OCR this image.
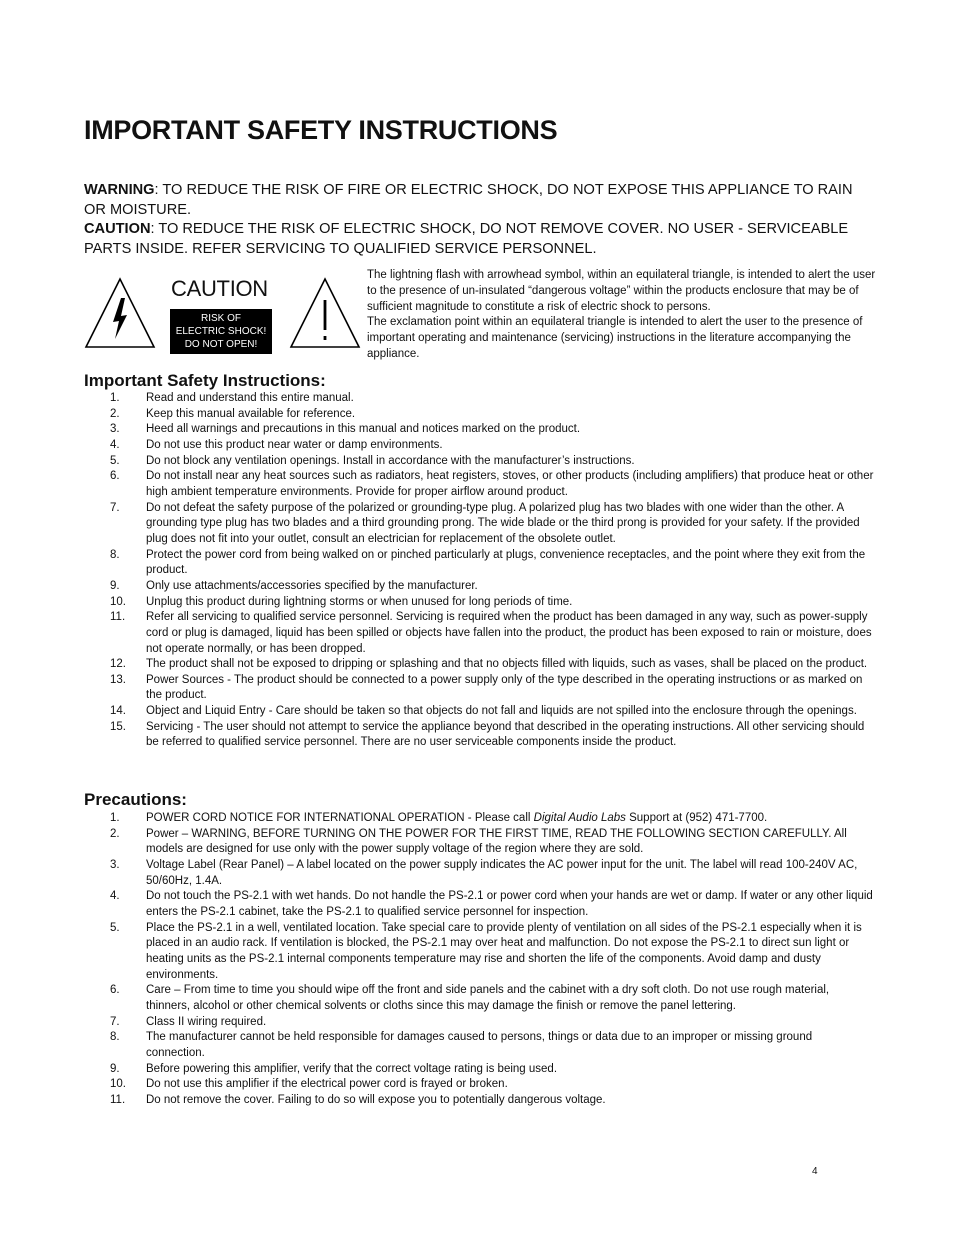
IMPORTANT SAFETY INSTRUCTIONS

WARNING: TO REDUCE THE RISK OF FIRE OR ELECTRIC SHOCK, DO NOT EXPOSE THIS APPLIANCE TO RAIN OR MOISTURE.

CAUTION: TO REDUCE THE RISK OF ELECTRIC SHOCK, DO NOT REMOVE COVER. NO USER - SERVICEABLE PARTS INSIDE. REFER SERVICING TO QUALIFIED SERVICE PERSONNEL.

CAUTION
RISK OF
ELECTRIC SHOCK!
DO NOT OPEN!

The lightning flash with arrowhead symbol, within an equilateral triangle, is intended to alert the user to the presence of un-insulated “dangerous voltage” within the products enclosure that may be of sufficient magnitude to constitute a risk of electric shock to persons.

The exclamation point within an equilateral triangle is intended to alert the user to the presence of important operating and maintenance (servicing) instructions in the literature accompanying the appliance.

Important Safety Instructions:
1. Read and understand this entire manual.
2. Keep this manual available for reference.
3. Heed all warnings and precautions in this manual and notices marked on the product.
4. Do not use this product near water or damp environments.
5. Do not block any ventilation openings. Install in accordance with the manufacturer’s instructions.
6. Do not install near any heat sources such as radiators, heat registers, stoves, or other products (including amplifiers) that produce heat or other high ambient temperature environments. Provide for proper airflow around product.
7. Do not defeat the safety purpose of the polarized or grounding-type plug. A polarized plug has two blades with one wider than the other. A grounding type plug has two blades and a third grounding prong. The wide blade or the third prong is provided for your safety. If the provided plug does not fit into your outlet, consult an electrician for replacement of the obsolete outlet.
8. Protect the power cord from being walked on or pinched particularly at plugs, convenience receptacles, and the point where they exit from the product.
9. Only use attachments/accessories specified by the manufacturer.
10. Unplug this product during lightning storms or when unused for long periods of time.
11. Refer all servicing to qualified service personnel. Servicing is required when the product has been damaged in any way, such as power-supply cord or plug is damaged, liquid has been spilled or objects have fallen into the product, the product has been exposed to rain or moisture, does not operate normally, or has been dropped.
12. The product shall not be exposed to dripping or splashing and that no objects filled with liquids, such as vases, shall be placed on the product.
13. Power Sources - The product should be connected to a power supply only of the type described in the operating instructions or as marked on the product.
14. Object and Liquid Entry - Care should be taken so that objects do not fall and liquids are not spilled into the enclosure through the openings.
15. Servicing - The user should not attempt to service the appliance beyond that described in the operating instructions. All other servicing should be referred to qualified service personnel. There are no user serviceable components inside the product.
Precautions:
1. POWER CORD NOTICE FOR INTERNATIONAL OPERATION - Please call Digital Audio Labs Support at (952) 471-7700.
2. Power – WARNING, BEFORE TURNING ON THE POWER FOR THE FIRST TIME, READ THE FOLLOWING SECTION CAREFULLY. All models are designed for use only with the power supply voltage of the region where they are sold.
3. Voltage Label (Rear Panel) – A label located on the power supply indicates the AC power input for the unit. The label will read 100-240V AC, 50/60Hz, 1.4A.
4. Do not touch the PS-2.1 with wet hands. Do not handle the PS-2.1 or power cord when your hands are wet or damp. If water or any other liquid enters the PS-2.1 cabinet, take the PS-2.1 to qualified service personnel for inspection.
5. Place the PS-2.1 in a well, ventilated location. Take special care to provide plenty of ventilation on all sides of the PS-2.1 especially when it is placed in an audio rack. If ventilation is blocked, the PS-2.1 may over heat and malfunction. Do not expose the PS-2.1 to direct sun light or heating units as the PS-2.1 internal components temperature may rise and shorten the life of the components. Avoid damp and dusty environments.
6. Care – From time to time you should wipe off the front and side panels and the cabinet with a dry soft cloth. Do not use rough material, thinners, alcohol or other chemical solvents or cloths since this may damage the finish or remove the panel lettering.
7. Class II wiring required.
8. The manufacturer cannot be held responsible for damages caused to persons, things or data due to an improper or missing ground connection.
9. Before powering this amplifier, verify that the correct voltage rating is being used.
10. Do not use this amplifier if the electrical power cord is frayed or broken.
11. Do not remove the cover. Failing to do so will expose you to potentially dangerous voltage.
4
